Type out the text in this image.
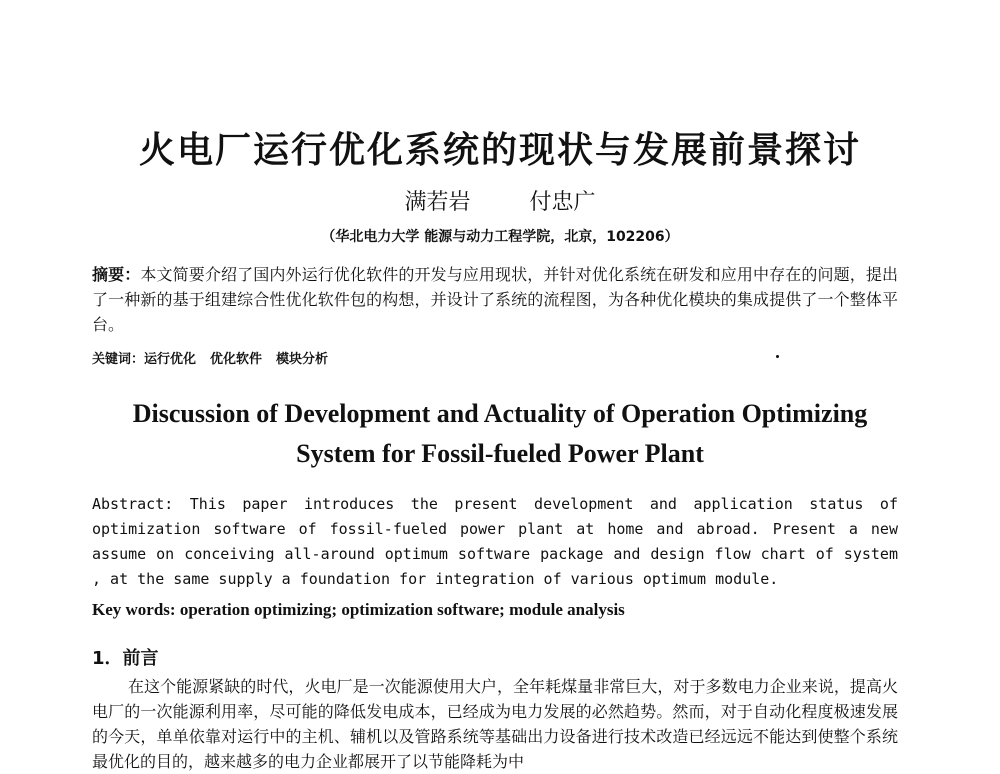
火电厂运行优化系统的现状与发展前景探讨
满若岩	付忠广
（华北电力大学 能源与动力工程学院，北京，102206）
摘要：本文简要介绍了国内外运行优化软件的开发与应用现状，并针对优化系统在研发和应用中存在的问题，提出了一种新的基于组建综合性优化软件包的构想，并设计了系统的流程图，为各种优化模块的集成提供了一个整体平台。
关键词：运行优化 优化软件 模块分析
Discussion of Development and Actuality of Operation Optimizing
System for Fossil-fueled Power Plant
Abstract: This paper introduces the present development and application status of optimization software of fossil-fueled power plant at home and abroad. Present a new assume on conceiving all-around optimum software package and design flow chart of system , at the same supply a foundation for integration of various optimum module.
Key words: operation optimizing; optimization software; module analysis
1．前言
在这个能源紧缺的时代，火电厂是一次能源使用大户，全年耗煤量非常巨大，对于多数电力企业来说，提高火电厂的一次能源利用率，尽可能的降低发电成本，已经成为电力发展的必然趋势。然而，对于自动化程度极速发展的今天，单单依靠对运行中的主机、辅机以及管路系统等基础出力设备进行技术改造已经远远不能达到使整个系统最优化的目的，越来越多的电力企业都展开了以节能降耗为中
